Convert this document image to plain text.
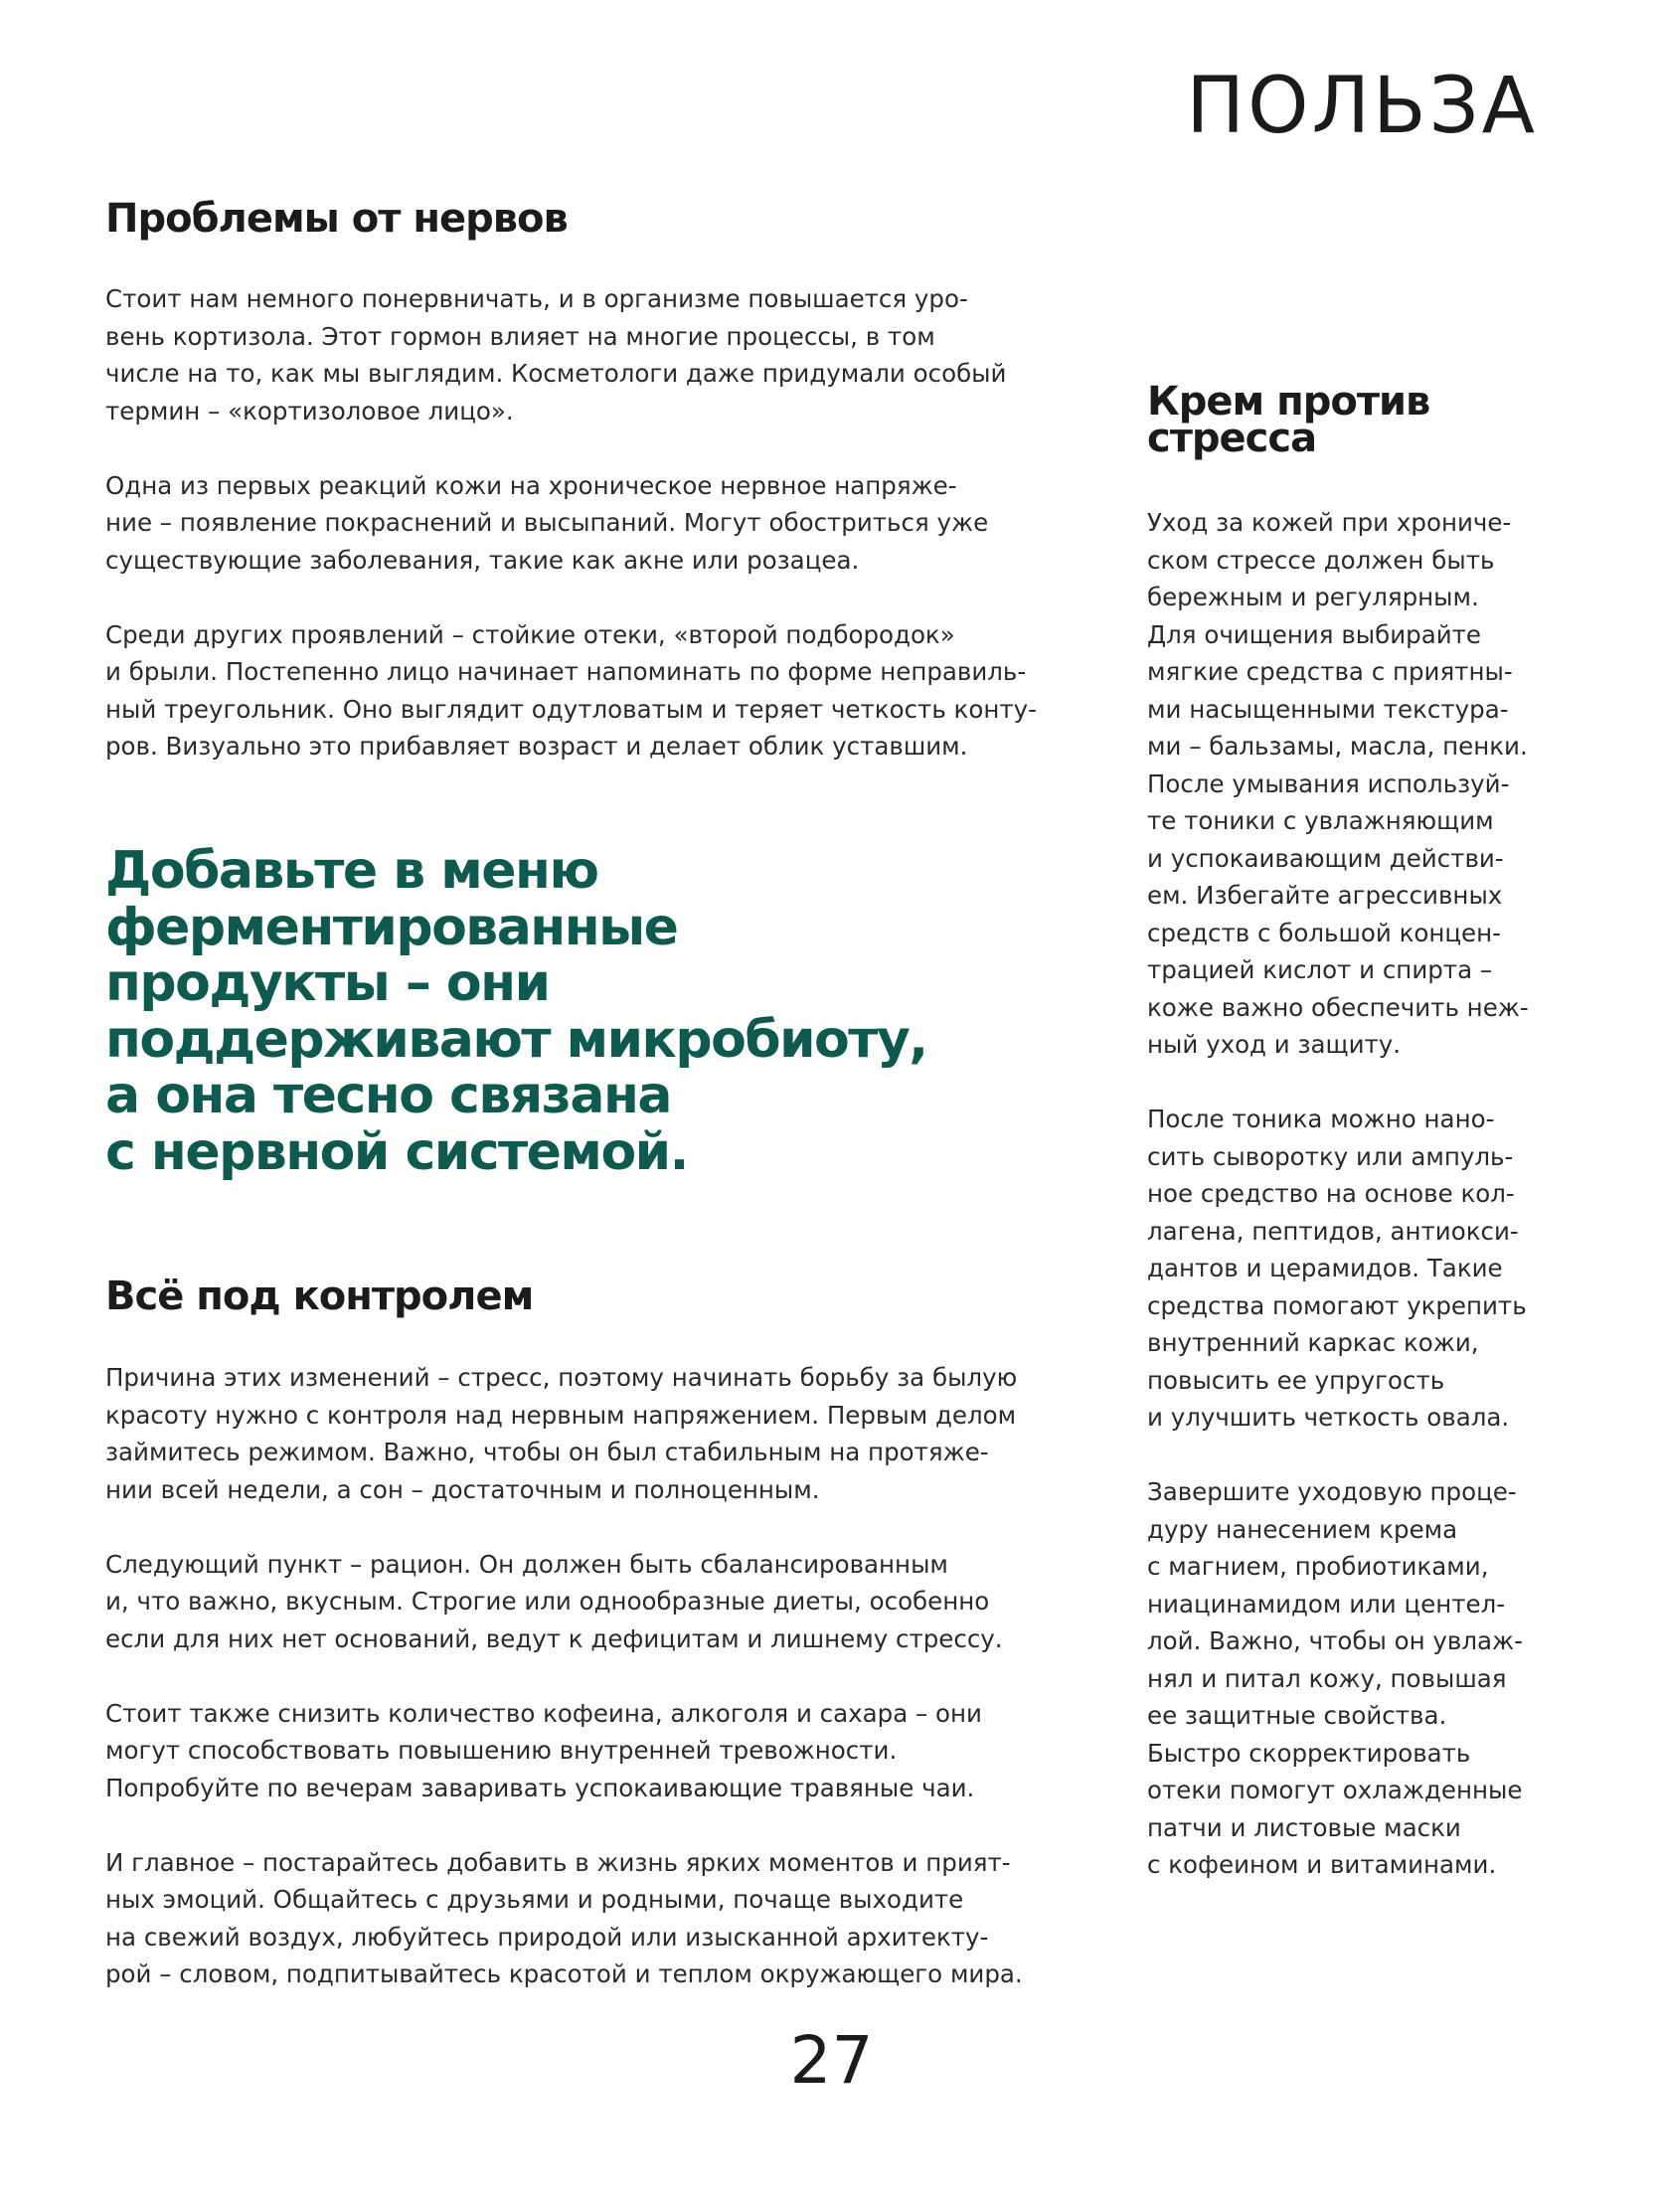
ПОЛЬЗА
Проблемы от нервов

Стоит нам немного понервничать, и в организме повышается уро-
вень кортизола. Этот гормон влияет на многие процессы, в том
числе на то, как мы выглядим. Косметологи даже придумали особый
термин – «кортизоловое лицо».

Одна из первых реакций кожи на хроническое нервное напряже-
ние – появление покраснений и высыпаний. Могут обостриться уже
существующие заболевания, такие как акне или розацеа.

Среди других проявлений – стойкие отеки, «второй подбородок»
и брыли. Постепенно лицо начинает напоминать по форме неправиль-
ный треугольник. Оно выглядит одутловатым и теряет четкость конту-
ров. Визуально это прибавляет возраст и делает облик уставшим.

Добавьте в меню
ферментированные
продукты – они
поддерживают микробиоту,
а она тесно связана
с нервной системой.
Всё под контролем

Причина этих изменений – стресс, поэтому начинать борьбу за былую
красоту нужно с контроля над нервным напряжением. Первым делом
займитесь режимом. Важно, чтобы он был стабильным на протяже-
нии всей недели, а сон – достаточным и полноценным.

Следующий пункт – рацион. Он должен быть сбалансированным
и, что важно, вкусным. Строгие или однообразные диеты, особенно
если для них нет оснований, ведут к дефицитам и лишнему стрессу.

Стоит также снизить количество кофеина, алкоголя и сахара – они
могут способствовать повышению внутренней тревожности.
Попробуйте по вечерам заваривать успокаивающие травяные чаи.

И главное – постарайтесь добавить в жизнь ярких моментов и прият-
ных эмоций. Общайтесь с друзьями и родными, почаще выходите
на свежий воздух, любуйтесь природой или изысканной архитекту-
рой – словом, подпитывайтесь красотой и теплом окружающего мира.

Крем против
стресса

Уход за кожей при хрониче-
ском стрессе должен быть
бережным и регулярным.
Для очищения выбирайте
мягкие средства с приятны-
ми насыщенными текстура-
ми – бальзамы, масла, пенки.
После умывания используй-
те тоники с увлажняющим
и успокаивающим действи-
ем. Избегайте агрессивных
средств с большой концен-
трацией кислот и спирта –
коже важно обеспечить неж-
ный уход и защиту.

После тоника можно нано-
сить сыворотку или ампуль-
ное средство на основе кол-
лагена, пептидов, антиокси-
дантов и церамидов. Такие
средства помогают укрепить
внутренний каркас кожи,
повысить ее упругость
и улучшить четкость овала.

Завершите уходовую проце-
дуру нанесением крема
с магнием, пробиотиками,
ниацинамидом или центел-
лой. Важно, чтобы он увлаж-
нял и питал кожу, повышая
ее защитные свойства.
Быстро скорректировать
отеки помогут охлажденные
патчи и листовые маски
с кофеином и витаминами.

27
